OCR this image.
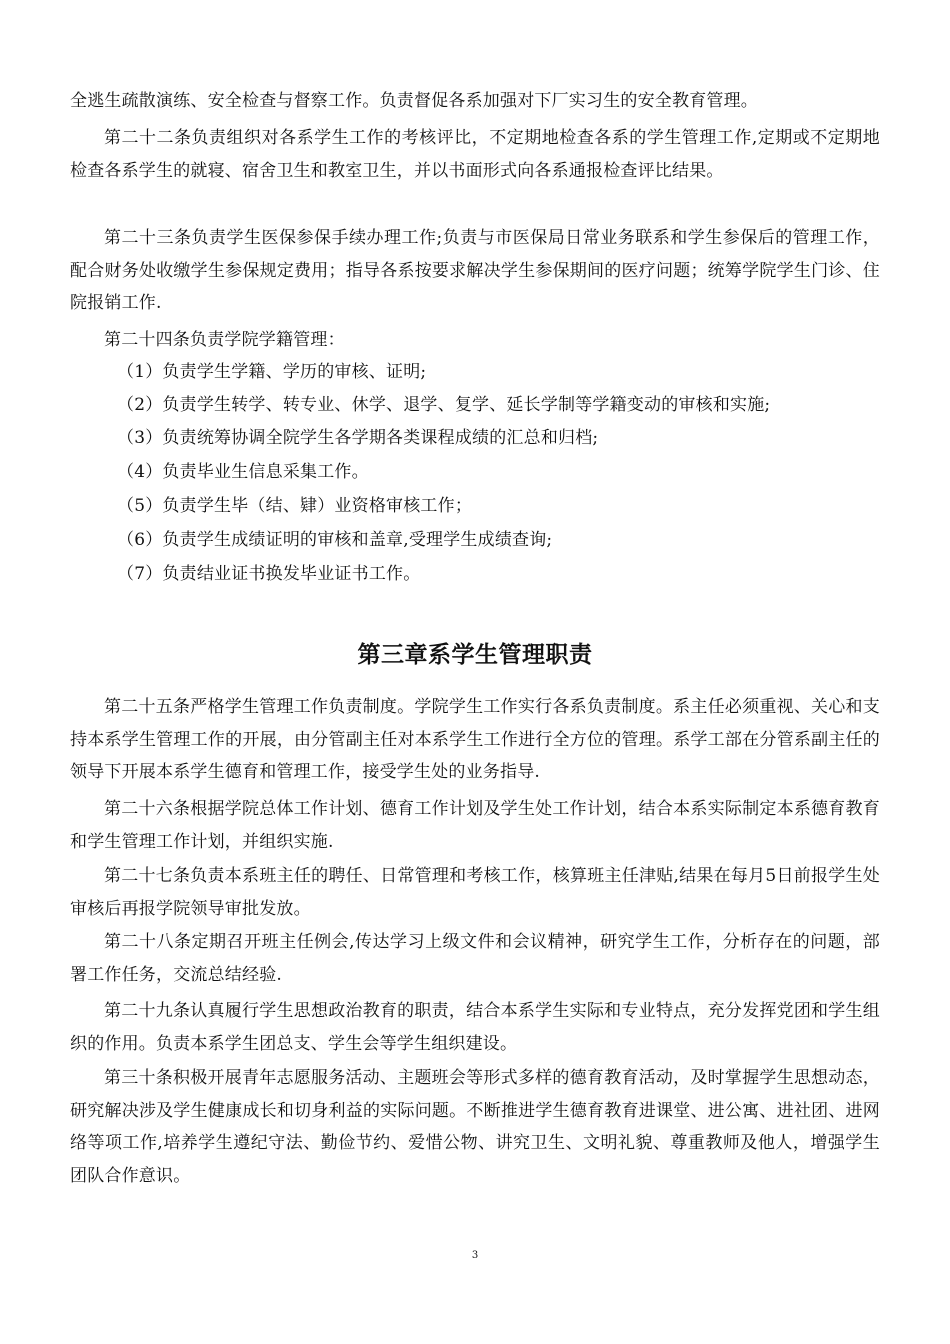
全逃生疏散演练、安全检查与督察工作。负责督促各系加强对下厂实习生的安全教育管理。

第二十二条负责组织对各系学生工作的考核评比，不定期地检查各系的学生管理工作,定期或不定期地检查各系学生的就寝、宿舍卫生和教室卫生，并以书面形式向各系通报检查评比结果。

第二十三条负责学生医保参保手续办理工作;负责与市医保局日常业务联系和学生参保后的管理工作，配合财务处收缴学生参保规定费用；指导各系按要求解决学生参保期间的医疗问题；统筹学院学生门诊、住院报销工作.

第二十四条负责学院学籍管理：

（1）负责学生学籍、学历的审核、证明;

（2）负责学生转学、转专业、休学、退学、复学、延长学制等学籍变动的审核和实施;

（3）负责统筹协调全院学生各学期各类课程成绩的汇总和归档;

（4）负责毕业生信息采集工作。

（5）负责学生毕（结、肄）业资格审核工作；

（6）负责学生成绩证明的审核和盖章,受理学生成绩查询;

（7）负责结业证书换发毕业证书工作。

第三章系学生管理职责

第二十五条严格学生管理工作负责制度。学院学生工作实行各系负责制度。系主任必须重视、关心和支持本系学生管理工作的开展，由分管副主任对本系学生工作进行全方位的管理。系学工部在分管系副主任的领导下开展本系学生德育和管理工作，接受学生处的业务指导.

第二十六条根据学院总体工作计划、德育工作计划及学生处工作计划，结合本系实际制定本系德育教育和学生管理工作计划，并组织实施.

第二十七条负责本系班主任的聘任、日常管理和考核工作，核算班主任津贴,结果在每月5日前报学生处审核后再报学院领导审批发放。

第二十八条定期召开班主任例会,传达学习上级文件和会议精神，研究学生工作，分析存在的问题，部署工作任务，交流总结经验.

第二十九条认真履行学生思想政治教育的职责，结合本系学生实际和专业特点，充分发挥党团和学生组织的作用。负责本系学生团总支、学生会等学生组织建设。

第三十条积极开展青年志愿服务活动、主题班会等形式多样的德育教育活动，及时掌握学生思想动态，研究解决涉及学生健康成长和切身利益的实际问题。不断推进学生德育教育进课堂、进公寓、进社团、进网络等项工作,培养学生遵纪守法、勤俭节约、爱惜公物、讲究卫生、文明礼貌、尊重教师及他人，增强学生团队合作意识。

3
